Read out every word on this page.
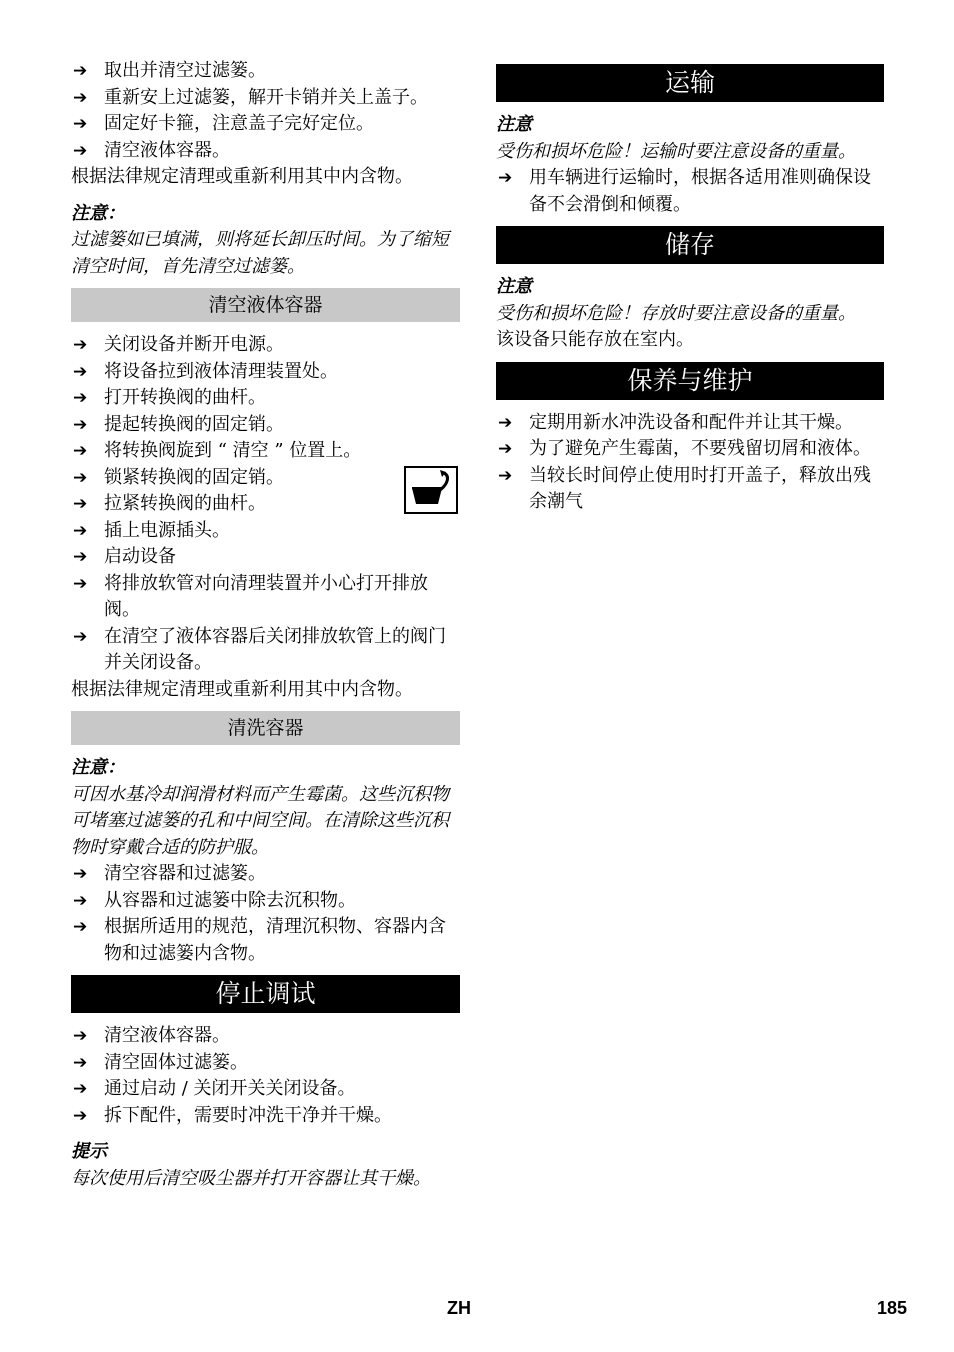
➔ 取出并清空过滤篓。
➔ 重新安上过滤篓，解开卡销并关上盖子。
➔ 固定好卡箍，注意盖子完好定位。
➔ 清空液体容器。
根据法律规定清理或重新利用其中内含物。
注意：
过滤篓如已填满，则将延长卸压时间。为了缩短清空时间，首先清空过滤篓。
清空液体容器
➔ 关闭设备并断开电源。
➔ 将设备拉到液体清理装置处。
➔ 打开转换阀的曲杆。
➔ 提起转换阀的固定销。
➔ 将转换阀旋到 “ 清空 ” 位置上。
➔ 锁紧转换阀的固定销。
➔ 拉紧转换阀的曲杆。
➔ 插上电源插头。
➔ 启动设备
➔ 将排放软管对向清理装置并小心打开排放阀。
➔ 在清空了液体容器后关闭排放软管上的阀门并关闭设备。
根据法律规定清理或重新利用其中内含物。
清洗容器
注意：
可因水基冷却润滑材料而产生霉菌。这些沉积物可堵塞过滤篓的孔和中间空间。在清除这些沉积物时穿戴合适的防护服。
➔ 清空容器和过滤篓。
➔ 从容器和过滤篓中除去沉积物。
➔ 根据所适用的规范，清理沉积物、容器内含物和过滤篓内含物。
停止调试
➔ 清空液体容器。
➔ 清空固体过滤篓。
➔ 通过启动 / 关闭开关关闭设备。
➔ 拆下配件，需要时冲洗干净并干燥。
提示
每次使用后清空吸尘器并打开容器让其干燥。
运输
注意
受伤和损坏危险！运输时要注意设备的重量。
➔ 用车辆进行运输时，根据各适用准则确保设备不会滑倒和倾覆。
储存
注意
受伤和损坏危险！存放时要注意设备的重量。
该设备只能存放在室内。
保养与维护
➔ 定期用新水冲洗设备和配件并让其干燥。
➔ 为了避免产生霉菌，不要残留切屑和液体。
➔ 当较长时间停止使用时打开盖子，释放出残余潮气
ZH	185
